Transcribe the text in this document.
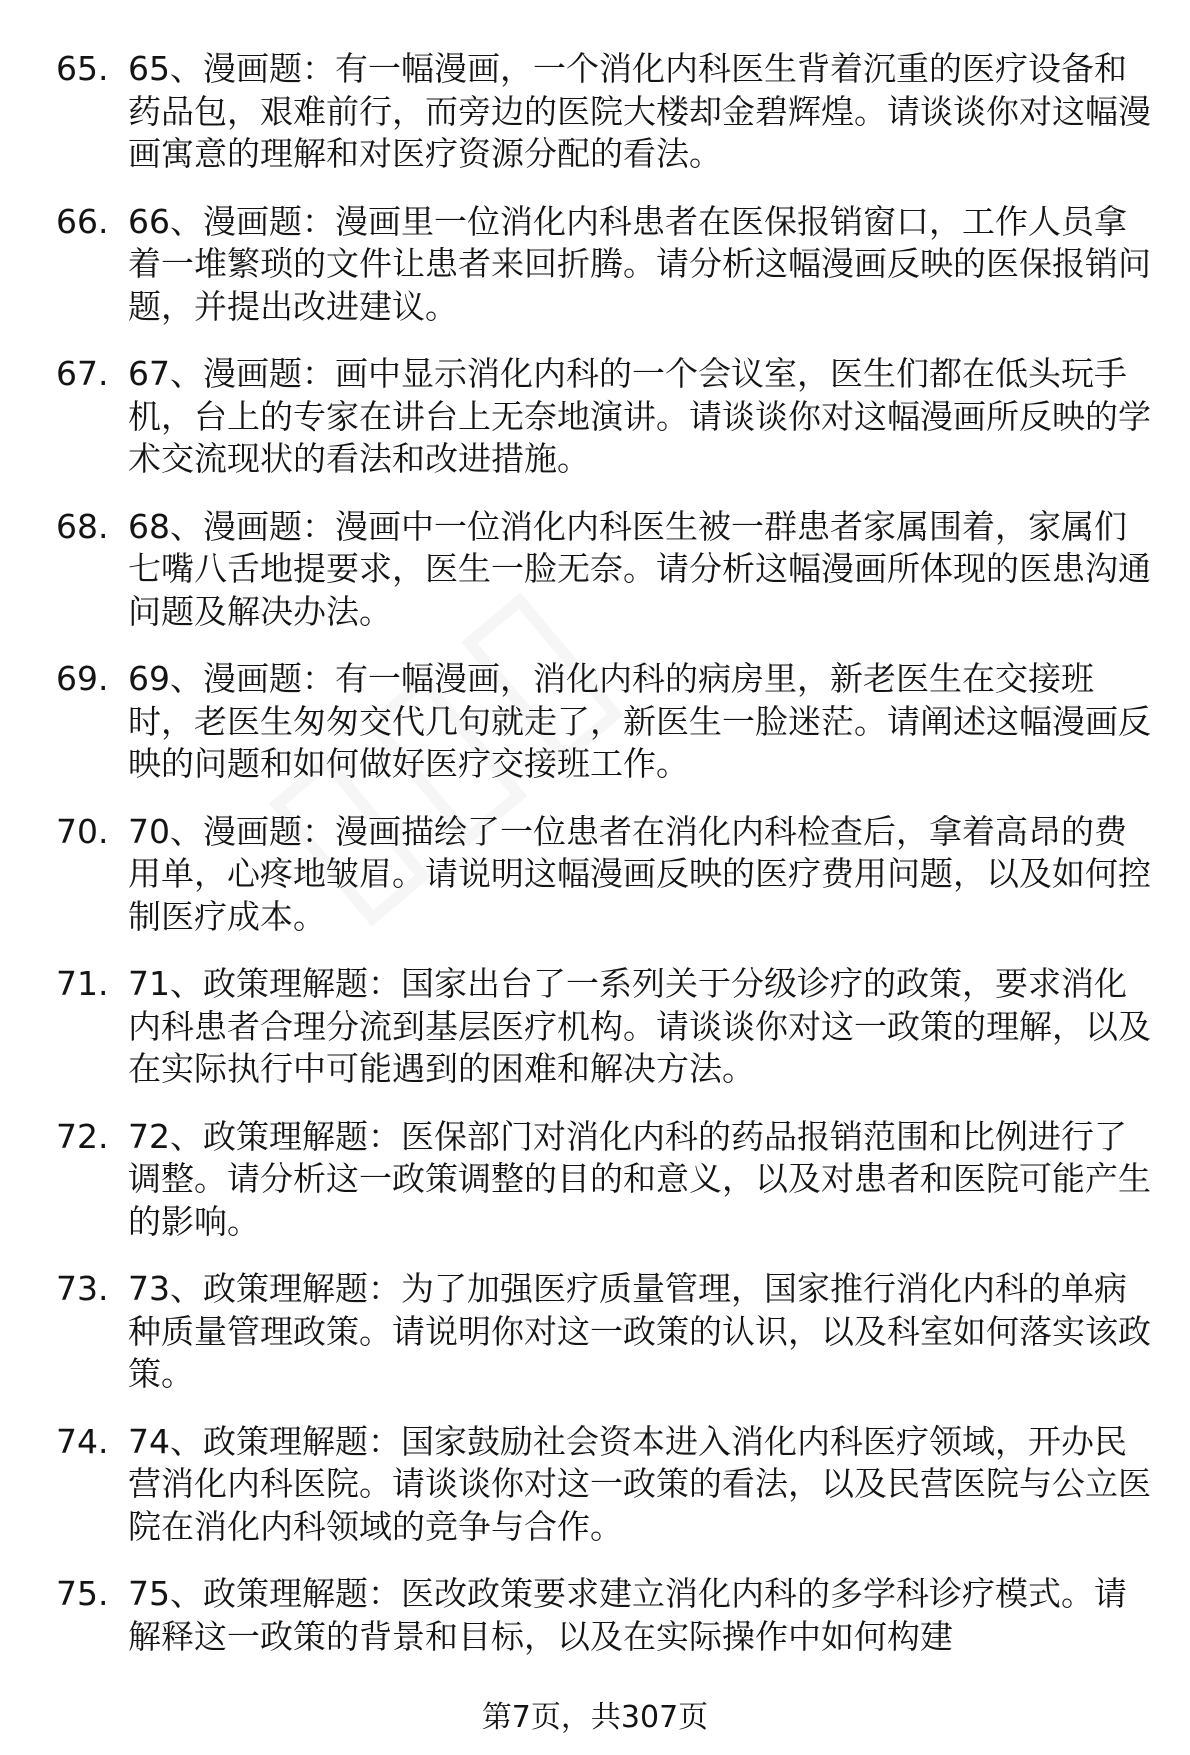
65. 65、漫画题：有一幅漫画，一个消化内科医生背着沉重的医疗设备和药品包，艰难前行，而旁边的医院大楼却金碧辉煌。请谈谈你对这幅漫画寓意的理解和对医疗资源分配的看法。
66. 66、漫画题：漫画里一位消化内科患者在医保报销窗口，工作人员拿着一堆繁琐的文件让患者来回折腾。请分析这幅漫画反映的医保报销问题，并提出改进建议。
67. 67、漫画题：画中显示消化内科的一个会议室，医生们都在低头玩手机，台上的专家在讲台上无奈地演讲。请谈谈你对这幅漫画所反映的学术交流现状的看法和改进措施。
68. 68、漫画题：漫画中一位消化内科医生被一群患者家属围着，家属们七嘴八舌地提要求，医生一脸无奈。请分析这幅漫画所体现的医患沟通问题及解决办法。
69. 69、漫画题：有一幅漫画，消化内科的病房里，新老医生在交接班时，老医生匆匆交代几句就走了，新医生一脸迷茫。请阐述这幅漫画反映的问题和如何做好医疗交接班工作。
70. 70、漫画题：漫画描绘了一位患者在消化内科检查后，拿着高昂的费用单，心疼地皱眉。请说明这幅漫画反映的医疗费用问题，以及如何控制医疗成本。
71. 71、政策理解题：国家出台了一系列关于分级诊疗的政策，要求消化内科患者合理分流到基层医疗机构。请谈谈你对这一政策的理解，以及在实际执行中可能遇到的困难和解决方法。
72. 72、政策理解题：医保部门对消化内科的药品报销范围和比例进行了调整。请分析这一政策调整的目的和意义，以及对患者和医院可能产生的影响。
73. 73、政策理解题：为了加强医疗质量管理，国家推行消化内科的单病种质量管理政策。请说明你对这一政策的认识，以及科室如何落实该政策。
74. 74、政策理解题：国家鼓励社会资本进入消化内科医疗领域，开办民营消化内科医院。请谈谈你对这一政策的看法，以及民营医院与公立医院在消化内科领域的竞争与合作。
75. 75、政策理解题：医改政策要求建立消化内科的多学科诊疗模式。请解释这一政策的背景和目标，以及在实际操作中如何构建
第7页，共307页
